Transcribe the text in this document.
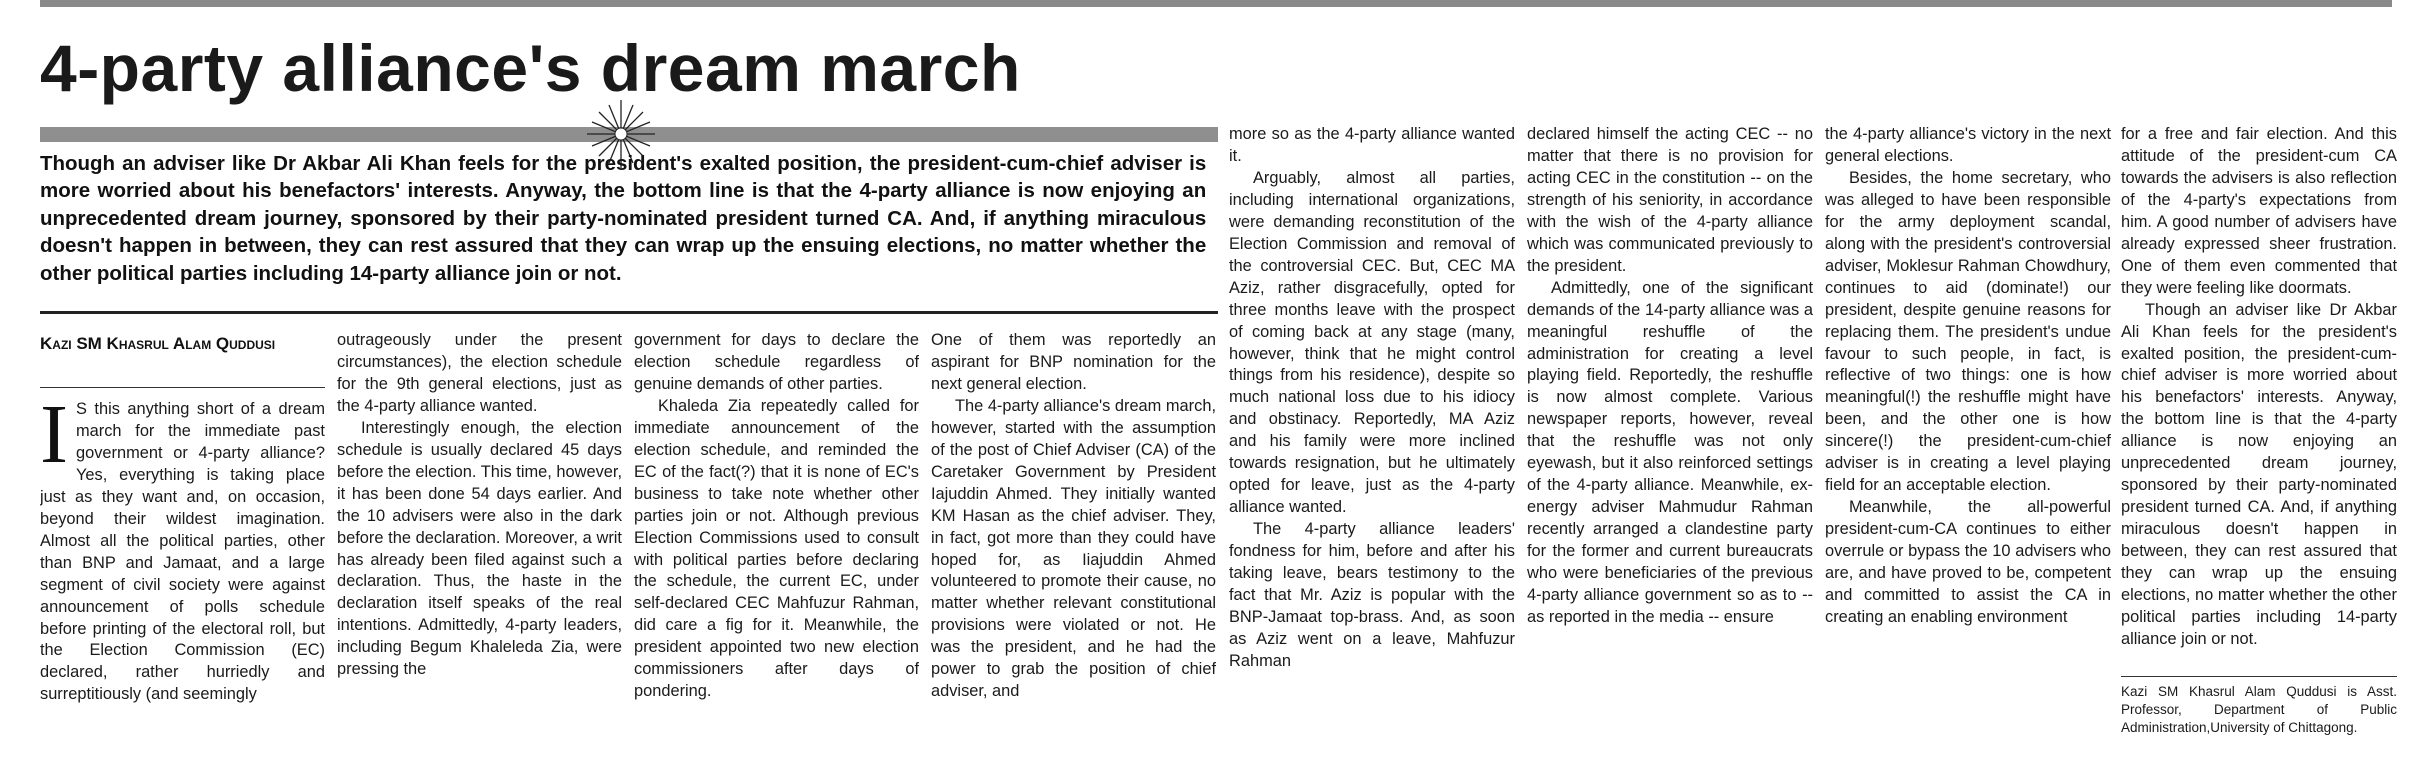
4-party alliance's dream march
Though an adviser like Dr Akbar Ali Khan feels for the president's exalted position, the president-cum-chief adviser is more worried about his benefactors' interests. Anyway, the bottom line is that the 4-party alliance is now enjoying an unprecedented dream journey, sponsored by their party-nominated president turned CA. And, if anything miraculous doesn't happen in between, they can rest assured that they can wrap up the ensuing elections, no matter whether the other political parties including 14-party alliance join or not.
Kazi SM Khasrul Alam Quddusi
I S this anything short of a dream march for the immediate past government or 4-party alliance? Yes, everything is taking place just as they want and, on occasion, beyond their wildest imagination. Almost all the political parties, other than BNP and Jamaat, and a large segment of civil society were against announcement of polls schedule before printing of the electoral roll, but the Election Commission (EC) declared, rather hurriedly and surreptitiously (and seemingly

outrageously under the present circumstances), the election schedule for the 9th general elections, just as the 4-party alliance wanted.

Interestingly enough, the election schedule is usually declared 45 days before the election. This time, however, it has been done 54 days earlier. And the 10 advisers were also in the dark before the declaration. Moreover, a writ has already been filed against such a declaration. Thus, the haste in the declaration itself speaks of the real intentions. Admittedly, 4-party leaders, including Begum Khaleleda Zia, were pressing the

government for days to declare the election schedule regardless of genuine demands of other parties.

Khaleda Zia repeatedly called for immediate announcement of the election schedule, and reminded the EC of the fact(?) that it is none of EC's business to take note whether other parties join or not. Although previous Election Commissions used to consult with political parties before declaring the schedule, the current EC, under self-declared CEC Mahfuzur Rahman, did care a fig for it. Meanwhile, the president appointed two new election commissioners after days of pondering.

One of them was reportedly an aspirant for BNP nomination for the next general election.

The 4-party alliance's dream march, however, started with the assumption of the post of Chief Adviser (CA) of the Caretaker Government by President Iajuddin Ahmed. They initially wanted KM Hasan as the chief adviser. They, in fact, got more than they could have hoped for, as Iiajuddin Ahmed volunteered to promote their cause, no matter whether relevant constitutional provisions were violated or not. He was the president, and he had the power to grab the position of chief adviser, and

more so as the 4-party alliance wanted it.

Arguably, almost all parties, including international organizations, were demanding reconstitution of the Election Commission and removal of the controversial CEC. But, CEC MA Aziz, rather disgracefully, opted for three months leave with the prospect of coming back at any stage (many, however, think that he might control things from his residence), despite so much national loss due to his idiocy and obstinacy. Reportedly, MA Aziz and his family were more inclined towards resignation, but he ultimately opted for leave, just as the 4-party alliance wanted.

The 4-party alliance leaders' fondness for him, before and after his taking leave, bears testimony to the fact that Mr. Aziz is popular with the BNP-Jamaat top-brass. And, as soon as Aziz went on a leave, Mahfuzur Rahman

declared himself the acting CEC -- no matter that there is no provision for acting CEC in the constitution -- on the strength of his seniority, in accordance with the wish of the 4-party alliance which was communicated previously to the president.

Admittedly, one of the significant demands of the 14-party alliance was a meaningful reshuffle of the administration for creating a level playing field. Reportedly, the reshuffle is now almost complete. Various newspaper reports, however, reveal that the reshuffle was not only eyewash, but it also reinforced settings of the 4-party alliance. Meanwhile, ex-energy adviser Mahmudur Rahman recently arranged a clandestine party for the former and current bureaucrats who were beneficiaries of the previous 4-party alliance government so as to -- as reported in the media -- ensure

the 4-party alliance's victory in the next general elections.

Besides, the home secretary, who was alleged to have been responsible for the army deployment scandal, along with the president's controversial adviser, Moklesur Rahman Chowdhury, continues to aid (dominate!) our president, despite genuine reasons for replacing them. The president's undue favour to such people, in fact, is reflective of two things: one is how meaningful(!) the reshuffle might have been, and the other one is how sincere(!) the president-cum-chief adviser is in creating a level playing field for an acceptable election.

Meanwhile, the all-powerful president-cum-CA continues to either overrule or bypass the 10 advisers who are, and have proved to be, competent and committed to assist the CA in creating an enabling environment

for a free and fair election. And this attitude of the president-cum CA towards the advisers is also reflection of the 4-party's expectations from him. A good number of advisers have already expressed sheer frustration. One of them even commented that they were feeling like doormats.

Though an adviser like Dr Akbar Ali Khan feels for the president's exalted position, the president-cum-chief adviser is more worried about his benefactors' interests. Anyway, the bottom line is that the 4-party alliance is now enjoying an unprecedented dream journey, sponsored by their party-nominated president turned CA. And, if anything miraculous doesn't happen in between, they can rest assured that they can wrap up the ensuing elections, no matter whether the other political parties including 14-party alliance join or not.

Kazi SM Khasrul Alam Quddusi is Asst. Professor, Department of Public Administration,University of Chittagong.
